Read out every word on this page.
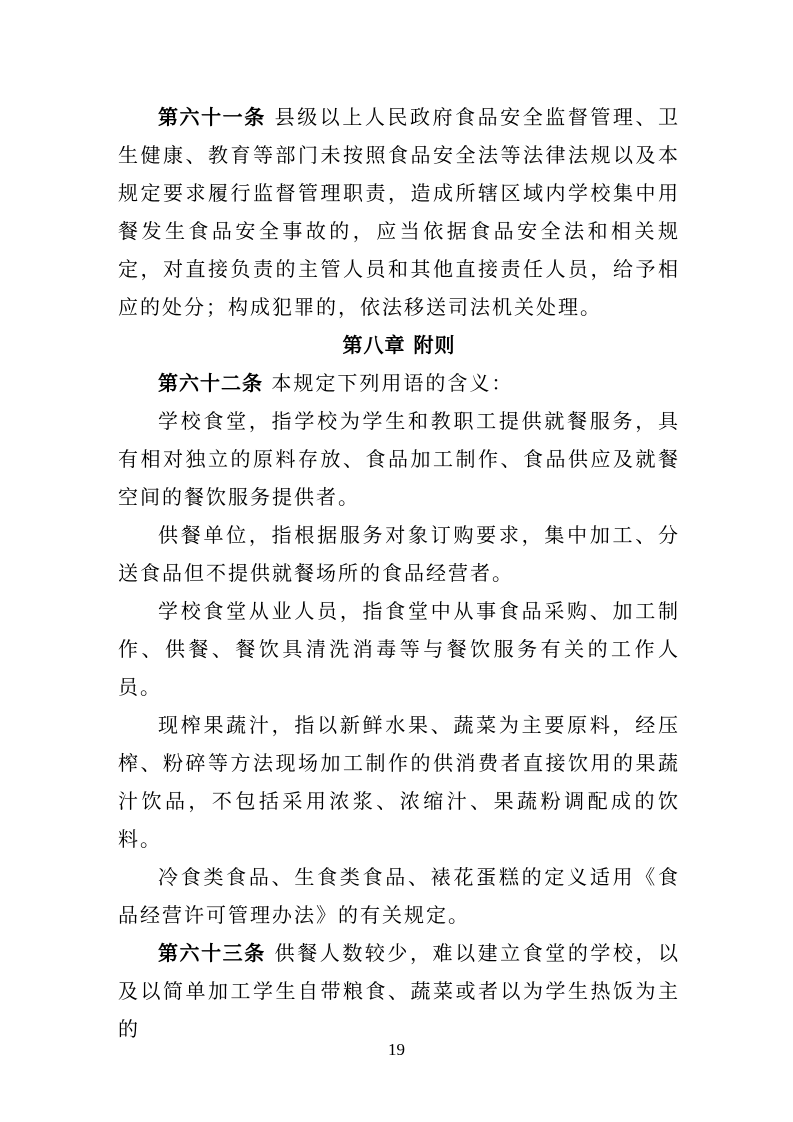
第六十一条 县级以上人民政府食品安全监督管理、卫生健康、教育等部门未按照食品安全法等法律法规以及本规定要求履行监督管理职责，造成所辖区域内学校集中用餐发生食品安全事故的，应当依据食品安全法和相关规定，对直接负责的主管人员和其他直接责任人员，给予相应的处分；构成犯罪的，依法移送司法机关处理。

第八章 附则

第六十二条 本规定下列用语的含义：

学校食堂，指学校为学生和教职工提供就餐服务，具有相对独立的原料存放、食品加工制作、食品供应及就餐空间的餐饮服务提供者。

供餐单位，指根据服务对象订购要求，集中加工、分送食品但不提供就餐场所的食品经营者。

学校食堂从业人员，指食堂中从事食品采购、加工制作、供餐、餐饮具清洗消毒等与餐饮服务有关的工作人员。

现榨果蔬汁，指以新鲜水果、蔬菜为主要原料，经压榨、粉碎等方法现场加工制作的供消费者直接饮用的果蔬汁饮品，不包括采用浓浆、浓缩汁、果蔬粉调配成的饮料。

冷食类食品、生食类食品、裱花蛋糕的定义适用《食品经营许可管理办法》的有关规定。

第六十三条 供餐人数较少，难以建立食堂的学校，以及以简单加工学生自带粮食、蔬菜或者以为学生热饭为主的

19
